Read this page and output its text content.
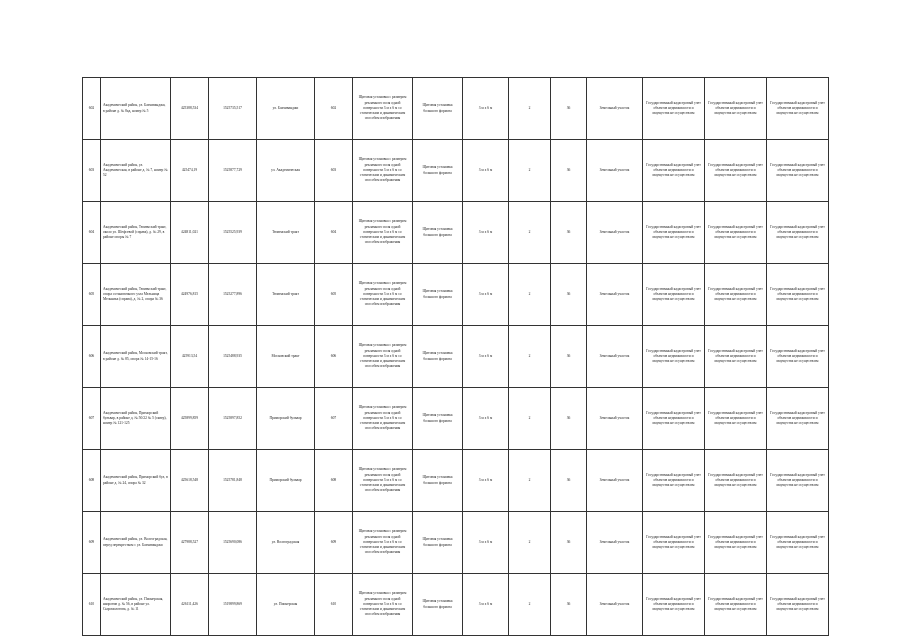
602	Академический район, ул. Бахчиванджи, в районе д. № 8ад, номер № 5	425388,534	1525735,517	ул. Бахчиванджи	602	Щитовая установка с размером рекламного поля одной поверхности 3 м х 6 м со статическим и динамическим способом изображения	Щитовая установка большого формата	3 м х 6 м	2	36	Земельный участок	Государственный кадастровый учет объектов недвижимости и имущества не осуществлен	Государственный кадастровый учет объектов недвижимости и имущества не осуществлен	Государственный кадастровый учет объектов недвижимости и имущества не осуществлен
603	Академический район, ул. Академическая, в районе д. № 7, номер № 52	425474,19	1525877,729	ул. Академическая	603	Щитовая установка с размером рекламного поля одной поверхности 3 м х 6 м со статическим и динамическим способом изображения	Щитовая установка большого формата	3 м х 6 м	2	36	Земельный участок	Государственный кадастровый учет объектов недвижимости и имущества не осуществлен	Государственный кадастровый учет объектов недвижимости и имущества не осуществлен	Государственный кадастровый учет объектов недвижимости и имущества не осуществлен
604	Академический район, Тюменский тракт, около ул. Шефсевой (справа), д. № 29, в районе опоры № 7	424811,021	1525525,939	Тюменский тракт	604	Щитовая установка с размером рекламного поля одной поверхности 3 м х 6 м со статическим и динамическим способом изображения	Щитовая установка большого формата	3 м х 6 м	2	36	Земельный участок	Государственный кадастровый учет объектов недвижимости и имущества не осуществлен	Государственный кадастровый учет объектов недвижимости и имущества не осуществлен	Государственный кадастровый учет объектов недвижимости и имущества не осуществлен
605	Академический район, Тюменский тракт, опора остановочного узла Мельница Мельника (справа), д. № 2, опора № 36	424976,815	1525277,896	Тюменский тракт	605	Щитовая установка с размером рекламного поля одной поверхности 3 м х 6 м со статическим и динамическим способом изображения	Щитовая установка большого формата	3 м х 6 м	2	36	Земельный участок	Государственный кадастровый учет объектов недвижимости и имущества не осуществлен	Государственный кадастровый учет объектов недвижимости и имущества не осуществлен	Государственный кадастровый учет объектов недвижимости и имущества не осуществлен
606	Академический район, Московский тракт, в районе д. № 85, опора № 14-15-16	425913,54	1525488,935	Московский тракт	606	Щитовая установка с размером рекламного поля одной поверхности 3 м х 6 м со статическим и динамическим способом изображения	Щитовая установка большого формата	3 м х 6 м	2	36	Земельный участок	Государственный кадастровый учет объектов недвижимости и имущества не осуществлен	Государственный кадастровый учет объектов недвижимости и имущества не осуществлен	Государственный кадастровый учет объектов недвижимости и имущества не осуществлен
607	Академический район, Приморский бульвар, в районе д. № 50/22 № 5 (сквер), номер № 121-125	425899,859	1525897,852	Приморский бульвар	607	Щитовая установка с размером рекламного поля одной поверхности 3 м х 6 м со статическим и динамическим способом изображения	Щитовая установка большого формата	3 м х 6 м	2	36	Земельный участок	Государственный кадастровый учет объектов недвижимости и имущества не осуществлен	Государственный кадастровый учет объектов недвижимости и имущества не осуществлен	Государственный кадастровый учет объектов недвижимости и имущества не осуществлен
608	Академический район, Приморский бул, в районе д. № 24, опора № 32	425618,548	1525781,848	Приморский бульвар	608	Щитовая установка с размером рекламного поля одной поверхности 3 м х 6 м со статическим и динамическим способом изображения	Щитовая установка большого формата	3 м х 6 м	2	36	Земельный участок	Государственный кадастровый учет объектов недвижимости и имущества не осуществлен	Государственный кадастровый учет объектов недвижимости и имущества не осуществлен	Государственный кадастровый учет объектов недвижимости и имущества не осуществлен
609	Академический район, ул. Волгоградская, перед перекрестком с ул. Бахчиванджи	427988,527	1525690,086	ул. Волгоградская	609	Щитовая установка с размером рекламного поля одной поверхности 3 м х 6 м со статическим и динамическим способом изображения	Щитовая установка большого формата	3 м х 6 м	2	36	Земельный участок	Государственный кадастровый учет объектов недвижимости и имущества не осуществлен	Государственный кадастровый учет объектов недвижимости и имущества не осуществлен	Государственный кадастровый учет объектов недвижимости и имущества не осуществлен
610	Академический район, ул. Пионерская, напротив д. № 56, в районе ул. Сыромолотова, д. № 11	426111,426	1519899,869	ул. Пионерская	610	Щитовая установка с размером рекламного поля одной поверхности 3 м х 6 м со статическим и динамическим способом изображения	Щитовая установка большого формата	3 м х 6 м	2	36	Земельный участок	Государственный кадастровый учет объектов недвижимости и имущества не осуществлен	Государственный кадастровый учет объектов недвижимости и имущества не осуществлен	Государственный кадастровый учет объектов недвижимости и имущества не осуществлен
